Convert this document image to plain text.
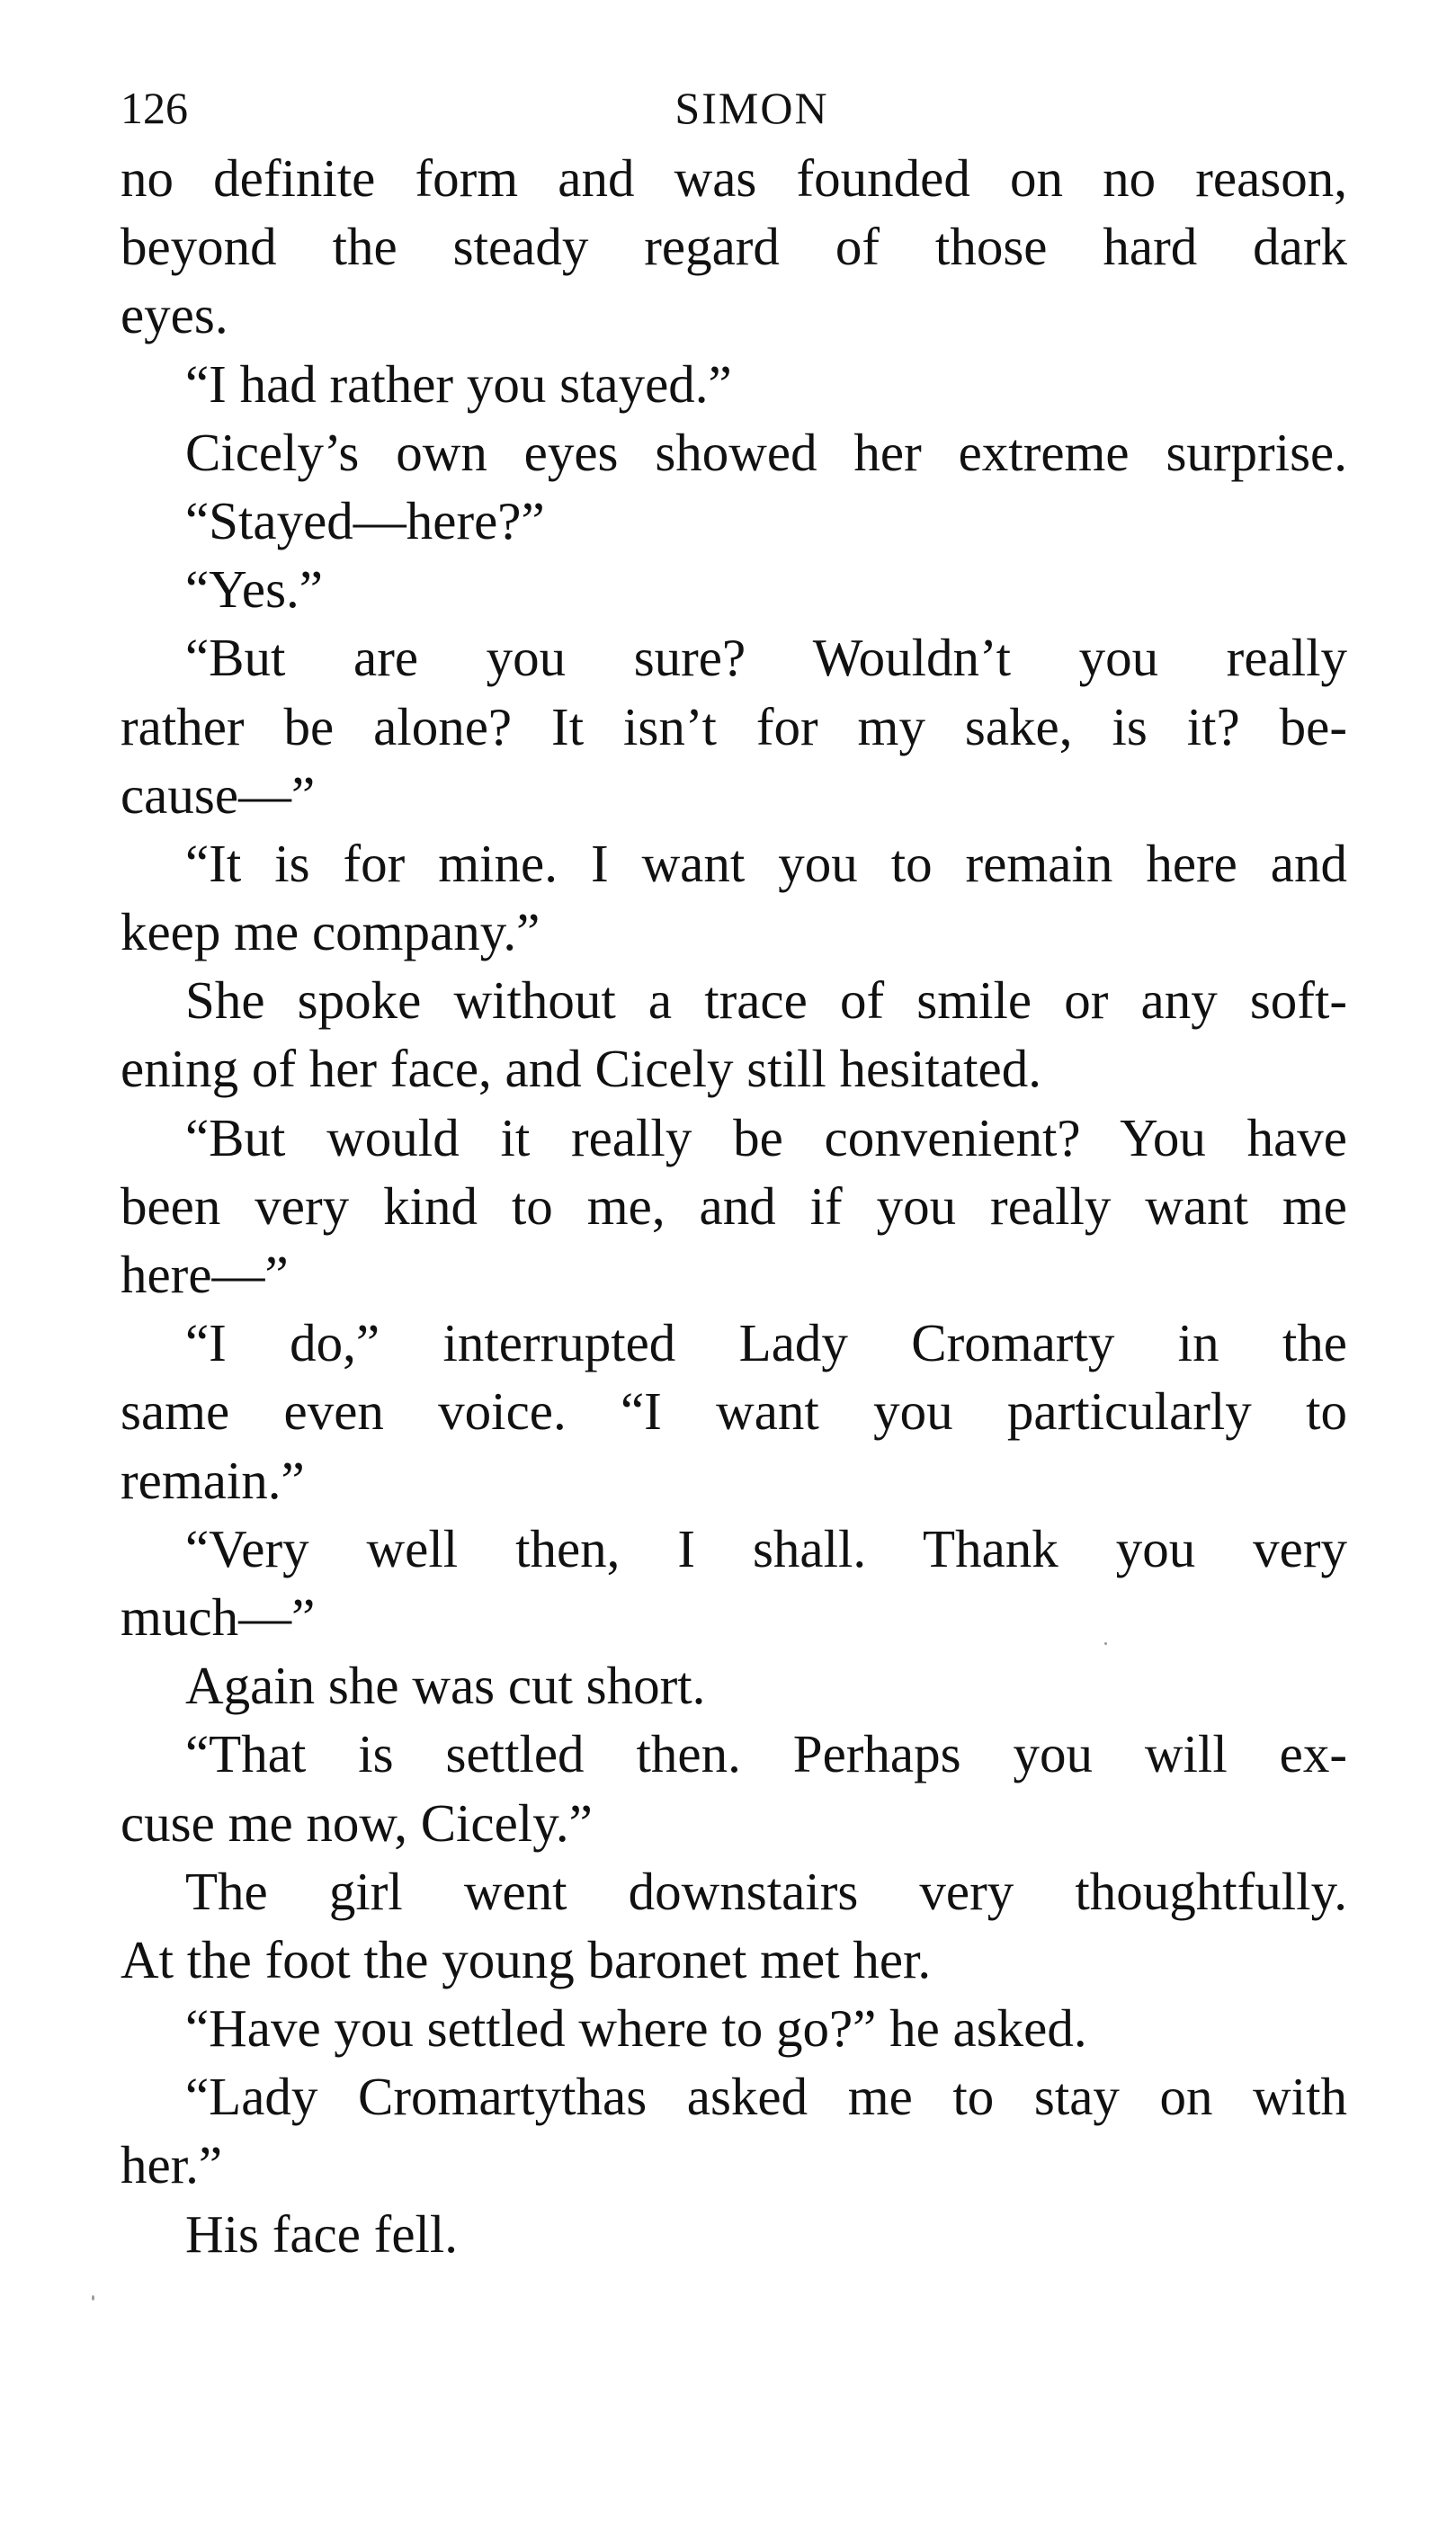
126	SIMON
no definite form and was founded on no reason,
beyond the steady regard of those hard dark
eyes.
“I had rather you stayed.”
Cicely’s own eyes showed her extreme surprise.
“Stayed—here?”
“Yes.”
“But are you sure? Wouldn’t you really
rather be alone? It isn’t for my sake, is it? be-
cause—”
“It is for mine. I want you to remain here and
keep me company.”
She spoke without a trace of smile or any soft-
ening of her face, and Cicely still hesitated.
“But would it really be convenient? You have
been very kind to me, and if you really want me
here—”
“I do,” interrupted Lady Cromarty in the
same even voice. “I want you particularly to
remain.”
“Very well then, I shall. Thank you very
much—”
Again she was cut short.
“That is settled then. Perhaps you will ex-
cuse me now, Cicely.”
The girl went downstairs very thoughtfully.
At the foot the young baronet met her.
“Have you settled where to go?” he asked.
“Lady Cromartythas asked me to stay on with
her.”
His face fell.
